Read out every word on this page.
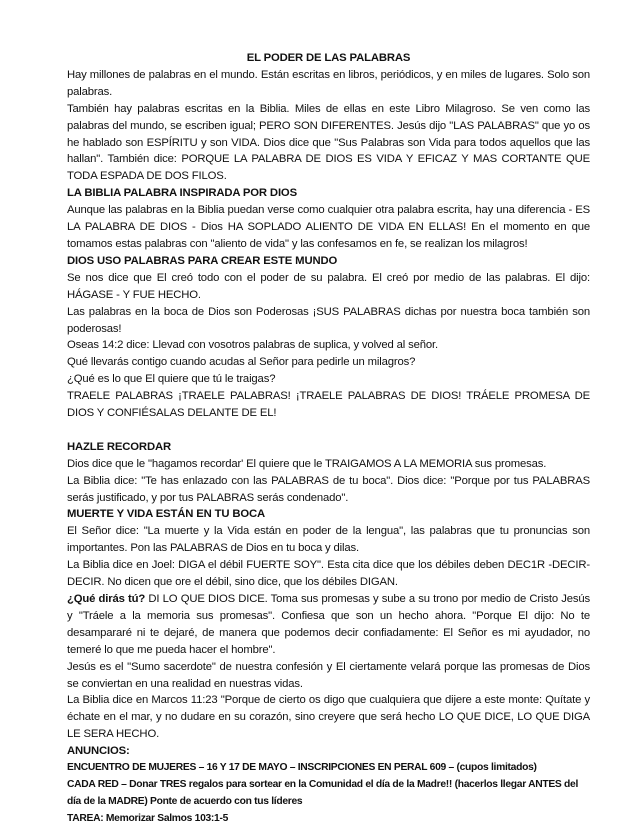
EL PODER DE LAS PALABRAS

Hay millones de palabras en el mundo. Están escritas en libros, periódicos, y en miles de lugares. Solo son palabras.

También hay palabras escritas en la Biblia. Miles de ellas en este Libro Milagroso. Se ven como las palabras del mundo, se escriben igual; PERO SON DIFERENTES. Jesús dijo "LAS PALABRAS" que yo os he hablado son ESPÍRITU y son VIDA. Dios dice que "Sus Palabras son Vida para todos aquellos que las hallan". También dice: PORQUE LA PALABRA DE DIOS ES VIDA Y EFICAZ Y MAS CORTANTE QUE TODA ESPADA DE DOS FILOS.

LA BIBLIA PALABRA INSPIRADA POR DIOS

Aunque las palabras en la Biblia puedan verse como cualquier otra palabra escrita, hay una diferencia - ES LA PALABRA DE DIOS - Dios HA SOPLADO ALIENTO DE VIDA EN ELLAS! En el momento en que tomamos estas palabras con "aliento de vida" y las confesamos en fe, se realizan los milagros!

DIOS USO PALABRAS PARA CREAR ESTE MUNDO

Se nos dice que El creó todo con el poder de su palabra. El creó por medio de las palabras. El dijo: HÁGASE - Y FUE HECHO.

Las palabras en la boca de Dios son Poderosas ¡SUS PALABRAS dichas por nuestra boca también son poderosas!

Oseas 14:2 dice: Llevad con vosotros palabras de suplica, y volved al señor.

Qué llevarás contigo cuando acudas al Señor para pedirle un milagros?

¿Qué es lo que El quiere que tú le traigas?

TRAELE PALABRAS ¡TRAELE PALABRAS! ¡TRAELE PALABRAS DE DIOS! TRÁELE PROMESA DE DIOS Y CONFIÉSALAS DELANTE DE EL!

HAZLE RECORDAR

Dios dice que le "hagamos recordar' El quiere que le TRAIGAMOS A LA MEMORIA sus promesas.

La Biblia dice: "Te has enlazado con las PALABRAS de tu boca". Dios dice: "Porque por tus PALABRAS serás justificado, y por tus PALABRAS serás condenado".

MUERTE Y VIDA ESTÁN EN TU BOCA

El Señor dice: "La muerte y la Vida están en poder de la lengua", las palabras que tu pronuncias son importantes. Pon las PALABRAS de Dios en tu boca y dilas.

La Biblia dice en Joel: DIGA el débil FUERTE SOY". Esta cita dice que los débiles deben DEC1R -DECIR-DECIR. No dicen que ore el débil, sino dice, que los débiles DIGAN.

¿Qué dirás tú? DI LO QUE DIOS DICE. Toma sus promesas y sube a su trono por medio de Cristo Jesús y "Tráele a la memoria sus promesas". Confiesa que son un hecho ahora. "Porque El dijo: No te desampararé ni te dejaré, de manera que podemos decir confiadamente: El Señor es mi ayudador, no temeré lo que me pueda hacer el hombre".

Jesús es el "Sumo sacerdote" de nuestra confesión y El ciertamente velará porque las promesas de Dios se conviertan en una realidad en nuestras vidas.

La Biblia dice en Marcos 11:23 "Porque de cierto os digo que cualquiera que dijere a este monte: Quítate y échate en el mar, y no dudare en su corazón, sino creyere que será hecho LO QUE DICE, LO QUE DIGA LE SERA HECHO.

ANUNCIOS:

ENCUENTRO DE MUJERES – 16 Y 17 DE MAYO – INSCRIPCIONES EN PERAL 609 – (cupos limitados)

CADA RED – Donar TRES regalos para sortear en la Comunidad el día de la Madre!! (hacerlos llegar ANTES del día de la MADRE) Ponte de acuerdo con tus líderes

TAREA: Memorizar Salmos 103:1-5
